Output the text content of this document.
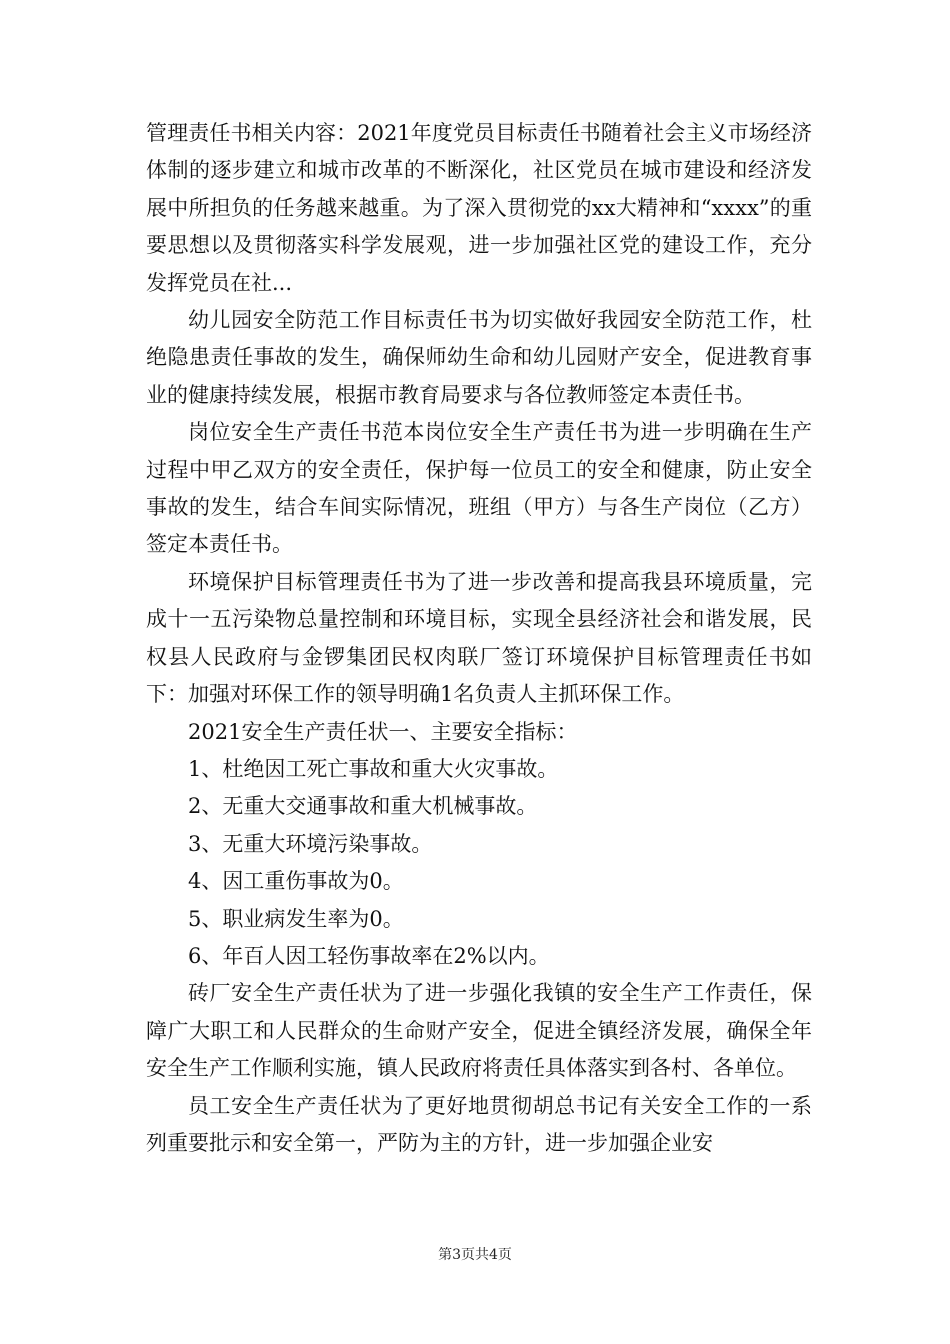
管理责任书相关内容：2021年度党员目标责任书随着社会主义市场经济体制的逐步建立和城市改革的不断深化，社区党员在城市建设和经济发展中所担负的任务越来越重。为了深入贯彻党的xx大精神和“xxxx”的重要思想以及贯彻落实科学发展观，进一步加强社区党的建设工作，充分发挥党员在社...

幼儿园安全防范工作目标责任书为切实做好我园安全防范工作，杜绝隐患责任事故的发生，确保师幼生命和幼儿园财产安全，促进教育事业的健康持续发展，根据市教育局要求与各位教师签定本责任书。

岗位安全生产责任书范本岗位安全生产责任书为进一步明确在生产过程中甲乙双方的安全责任，保护每一位员工的安全和健康，防止安全事故的发生，结合车间实际情况，班组（甲方）与各生产岗位（乙方）签定本责任书。

环境保护目标管理责任书为了进一步改善和提高我县环境质量，完成十一五污染物总量控制和环境目标，实现全县经济社会和谐发展，民权县人民政府与金锣集团民权肉联厂签订环境保护目标管理责任书如下：加强对环保工作的领导明确1名负责人主抓环保工作。

2021安全生产责任状一、主要安全指标：

1、杜绝因工死亡事故和重大火灾事故。

2、无重大交通事故和重大机械事故。

3、无重大环境污染事故。

4、因工重伤事故为0。

5、职业病发生率为0。

6、年百人因工轻伤事故率在2%以内。

砖厂安全生产责任状为了进一步强化我镇的安全生产工作责任，保障广大职工和人民群众的生命财产安全，促进全镇经济发展，确保全年安全生产工作顺利实施，镇人民政府将责任具体落实到各村、各单位。

员工安全生产责任状为了更好地贯彻胡总书记有关安全工作的一系列重要批示和安全第一，严防为主的方针，进一步加强企业安

第3页共4页
